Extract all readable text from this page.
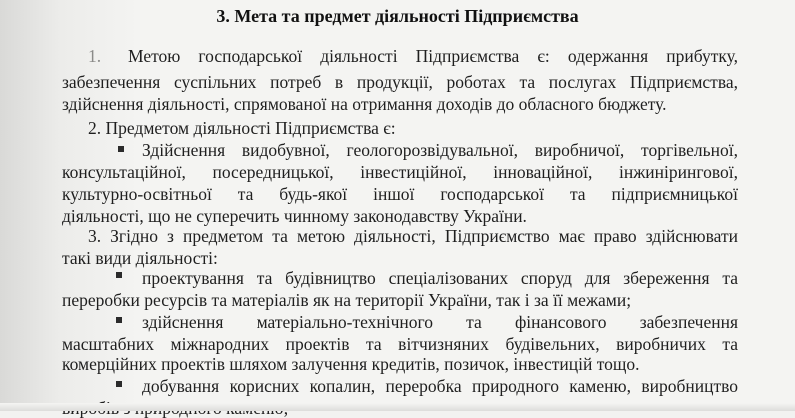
3. Мета та предмет діяльності Підприємства
1. Метою господарської діяльності Підприємства є: одержання прибутку,
забезпечення суспільних потреб в продукції, роботах та послугах Підприємства,
здійснення діяльності, спрямованої на отримання доходів до обласного бюджету.
2. Предметом діяльності Підприємства є:
Здійснення видобувної, геологорозвідувальної, виробничої, торгівельної,
консультаційної, посередницької, інвестиційної, інноваційної, інжинірингової,
культурно-освітньої та будь-якої іншої господарської та підприємницької
діяльності, що не суперечить чинному законодавству України.
3. Згідно з предметом та метою діяльності, Підприємство має право здійснювати
такі види діяльності:
проектування та будівництво спеціалізованих споруд для збереження та
переробки ресурсів та матеріалів як на території України, так і за її межами;
здійснення матеріально-технічного та фінансового забезпечення
масштабних міжнародних проектів та вітчизняних будівельних, виробничих та
комерційних проектів шляхом залучення кредитів, позичок, інвестицій тощо.
добування корисних копалин, переробка природного каменю, виробництво
